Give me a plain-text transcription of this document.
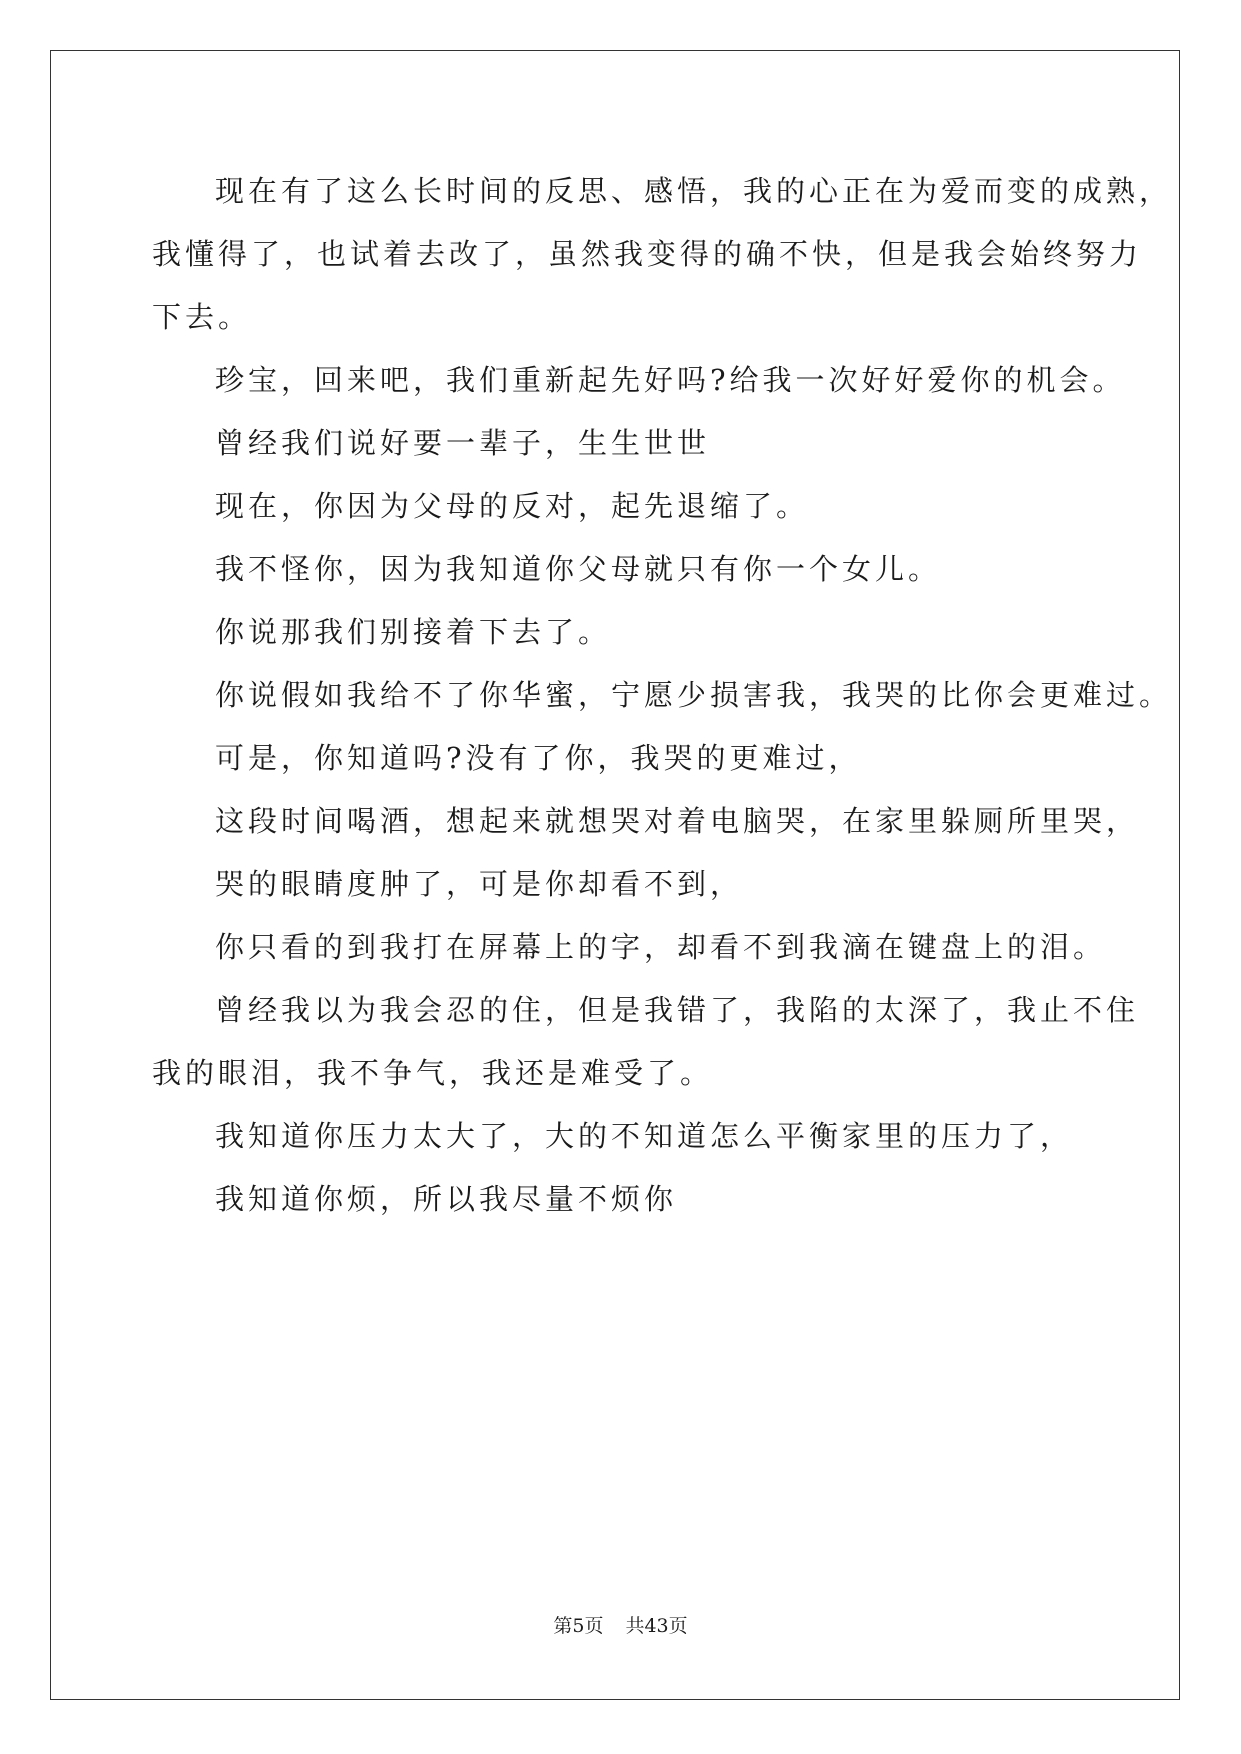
现在有了这么长时间的反思、感悟，我的心正在为爱而变的成熟，

我懂得了，也试着去改了，虽然我变得的确不快，但是我会始终努力

下去。

珍宝，回来吧，我们重新起先好吗?给我一次好好爱你的机会。

曾经我们说好要一辈子，生生世世

现在，你因为父母的反对，起先退缩了。

我不怪你，因为我知道你父母就只有你一个女儿。

你说那我们别接着下去了。

你说假如我给不了你华蜜，宁愿少损害我，我哭的比你会更难过。

可是，你知道吗?没有了你，我哭的更难过，

这段时间喝酒，想起来就想哭对着电脑哭，在家里躲厕所里哭，

哭的眼睛度肿了，可是你却看不到，

你只看的到我打在屏幕上的字，却看不到我滴在键盘上的泪。

曾经我以为我会忍的住，但是我错了，我陷的太深了，我止不住

我的眼泪，我不争气，我还是难受了。

我知道你压力太大了，大的不知道怎么平衡家里的压力了，

我知道你烦，所以我尽量不烦你

第5页 共43页
